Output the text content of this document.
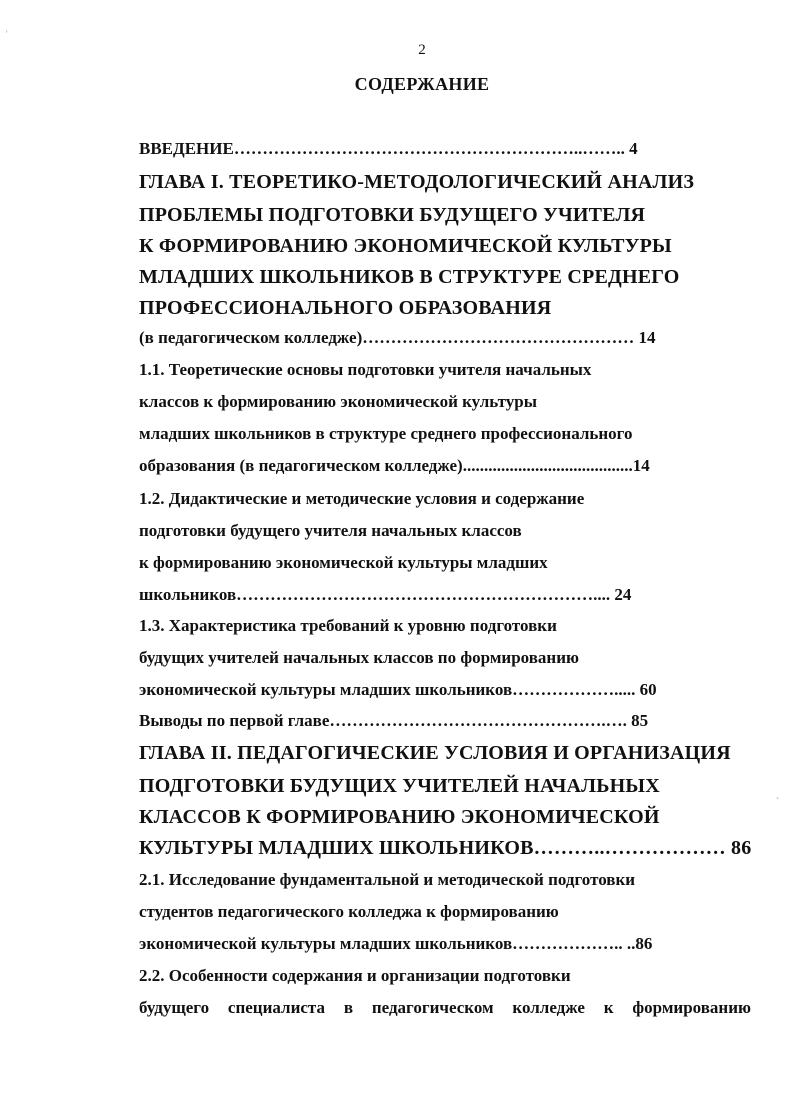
2
СОДЕРЖАНИЕ
ВВЕДЕНИЕ……………………………………………………..…….. 4
ГЛАВА I. ТЕОРЕТИКО-МЕТОДОЛОГИЧЕСКИЙ АНАЛИЗ
ПРОБЛЕМЫ ПОДГОТОВКИ БУДУЩЕГО УЧИТЕЛЯ
К ФОРМИРОВАНИЮ ЭКОНОМИЧЕСКОЙ КУЛЬТУРЫ
МЛАДШИХ ШКОЛЬНИКОВ В СТРУКТУРЕ СРЕДНЕГО
ПРОФЕССИОНАЛЬНОГО ОБРАЗОВАНИЯ
(в педагогическом колледже)………………………………………… 14
1.1. Теоретические основы подготовки учителя начальных
классов к формированию экономической культуры
младших школьников в структуре среднего профессионального
образования (в педагогическом колледже)........................................14
1.2. Дидактические и методические условия и содержание
подготовки будущего учителя начальных классов
к формированию экономической культуры младших
школьников……………………………………………………….... 24
1.3. Характеристика требований к уровню подготовки
будущих учителей начальных классов по формированию
экономической культуры младших школьников………………..... 60
Выводы по первой главе………………………………………….…. 85
ГЛАВА II. ПЕДАГОГИЧЕСКИЕ УСЛОВИЯ И ОРГАНИЗАЦИЯ
ПОДГОТОВКИ БУДУЩИХ УЧИТЕЛЕЙ НАЧАЛЬНЫХ
КЛАССОВ К ФОРМИРОВАНИЮ ЭКОНОМИЧЕСКОЙ
КУЛЬТУРЫ МЛАДШИХ ШКОЛЬНИКОВ………..……………… 86
2.1. Исследование фундаментальной и методической подготовки
студентов педагогического колледжа к формированию
экономической культуры младших школьников……………….. ..86
2.2. Особенности содержания и организации подготовки
будущего специалиста в педагогическом колледже к формированию
ʾ
ˋ
